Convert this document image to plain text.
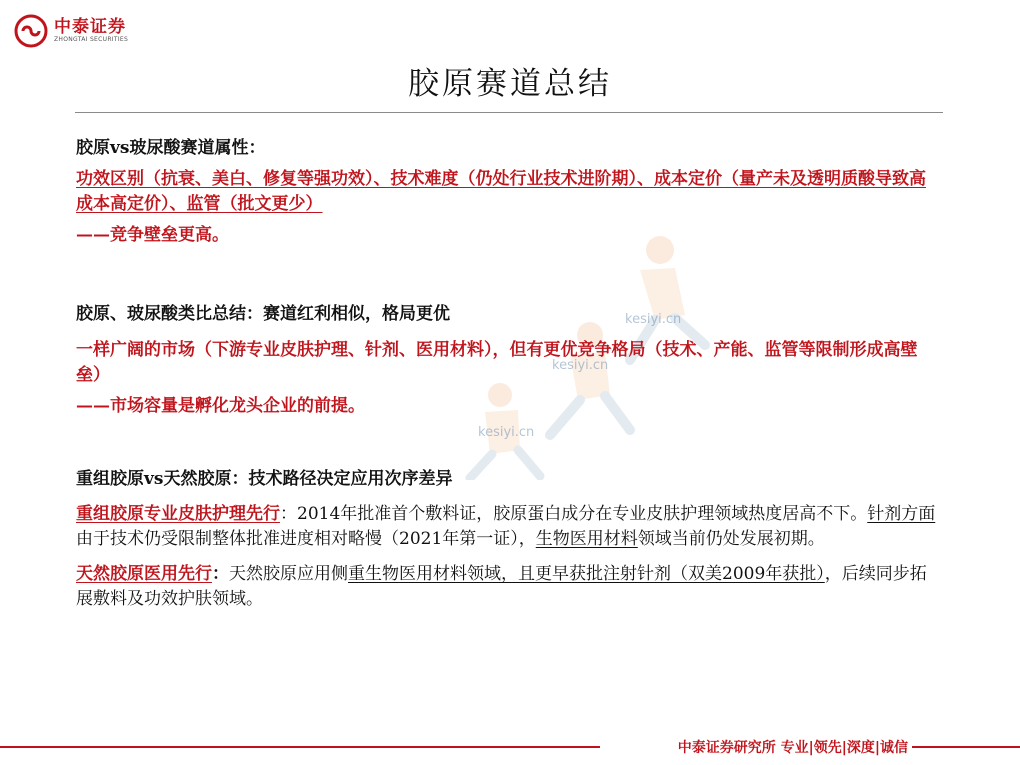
中泰证券
ZHONGTAI SECURITIES
胶原赛道总结
kesiyi.cn
kesiyi.cn
kesiyi.cn

胶原vs玻尿酸赛道属性：

功效区别（抗衰、美白、修复等强功效）、技术难度（仍处行业技术进阶期）、成本定价（量产未及透明质酸导致高成本高定价）、监管（批文更少）

——竞争壁垒更高。

胶原、玻尿酸类比总结：赛道红利相似，格局更优

一样广阔的市场（下游专业皮肤护理、针剂、医用材料），但有更优竞争格局（技术、产能、监管等限制形成高壁垒）

——市场容量是孵化龙头企业的前提。

重组胶原vs天然胶原：技术路径决定应用次序差异

重组胶原专业皮肤护理先行：2014年批准首个敷料证，胶原蛋白成分在专业皮肤护理领域热度居高不下。针剂方面由于技术仍受限制整体批准进度相对略慢（2021年第一证），生物医用材料领域当前仍处发展初期。

天然胶原医用先行：天然胶原应用侧重生物医用材料领域，且更早获批注射针剂（双美2009年获批），后续同步拓展敷料及功效护肤领域。

中泰证券研究所 专业|领先|深度|诚信
